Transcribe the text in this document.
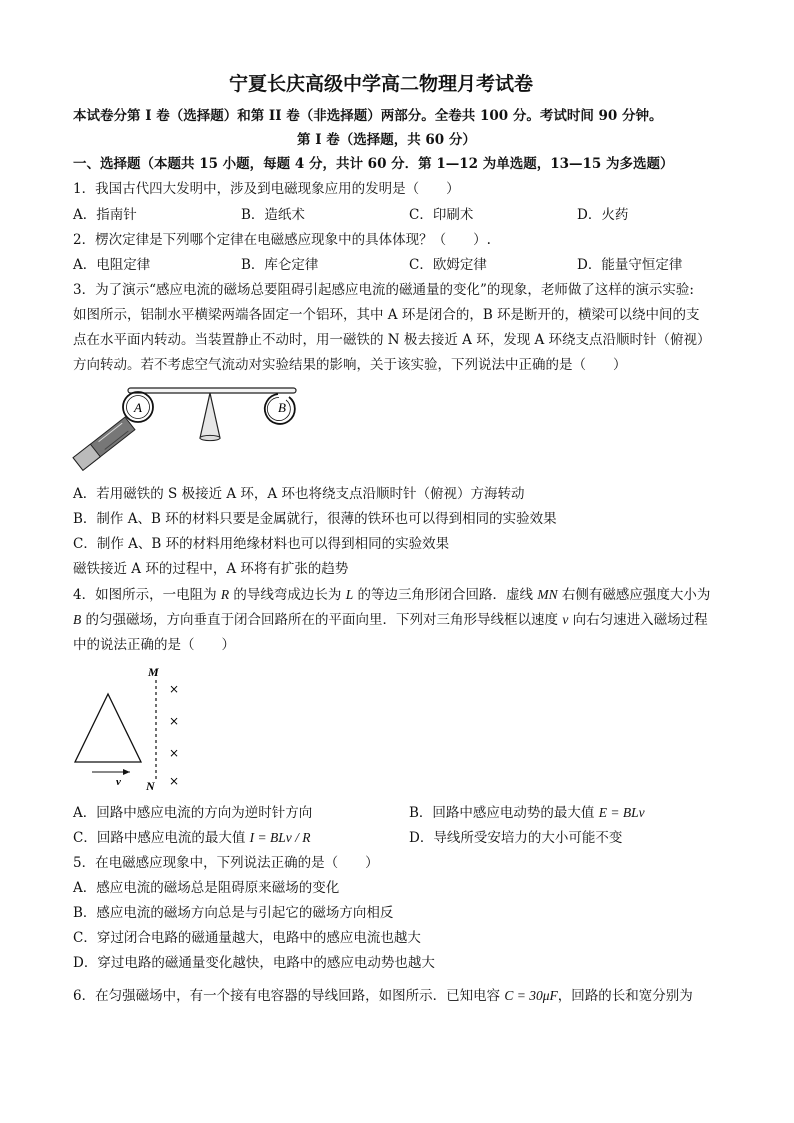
宁夏长庆高级中学高二物理月考试卷
本试卷分第 I 卷（选择题）和第 II 卷（非选择题）两部分。全卷共 100 分。考试时间 90 分钟。
第 I 卷（选择题，共 60 分）
一、选择题（本题共 15 小题，每题 4 分，共计 60 分．第 1—12 为单选题，13—15 为多选题）
1．我国古代四大发明中，涉及到电磁现象应用的发明是（　　）
A．指南针	B．造纸术	C．印刷术	D．火药
2．楞次定律是下列哪个定律在电磁感应现象中的具体体现？（　　）.
A．电阻定律	B．库仑定律	C．欧姆定律	D．能量守恒定律
3．为了演示“感应电流的磁场总要阻碍引起感应电流的磁通量的变化”的现象，老师做了这样的演示实验:
如图所示，铝制水平横梁两端各固定一个铝环，其中 A 环是闭合的，B 环是断开的，横梁可以绕中间的支
点在水平面内转动。当装置静止不动时，用一磁铁的 N 极去接近 A 环，发现 A 环绕支点沿顺时针（俯视）
方向转动。若不考虑空气流动对实验结果的影响，关于该实验，下列说法中正确的是（　　）
A	B
A．若用磁铁的 S 极接近 A 环，A 环也将绕支点沿顺时针（俯视）方海转动
B．制作 A、B 环的材料只要是金属就行，很薄的铁环也可以得到相同的实验效果
C．制作 A、B 环的材料用绝缘材料也可以得到相同的实验效果
磁铁接近 A 环的过程中，A 环将有扩张的趋势
4．如图所示，一电阻为 R 的导线弯成边长为 L 的等边三角形闭合回路．虚线 MN 右侧有磁感应强度大小为
B 的匀强磁场，方向垂直于闭合回路所在的平面向里．下列对三角形导线框以速度 v 向右匀速进入磁场过程
中的说法正确的是（　　）
M
N
×
×
×
×
v
A．回路中感应电流的方向为逆时针方向	B．回路中感应电动势的最大值 E = BLv
C．回路中感应电流的最大值 I = BLv / R	D．导线所受安培力的大小可能不变
5．在电磁感应现象中，下列说法正确的是（　　）
A．感应电流的磁场总是阻碍原来磁场的变化
B．感应电流的磁场方向总是与引起它的磁场方向相反
C．穿过闭合电路的磁通量越大，电路中的感应电流也越大
D．穿过电路的磁通量变化越快，电路中的感应电动势也越大
6．在匀强磁场中，有一个接有电容器的导线回路，如图所示．已知电容 C = 30μF，回路的长和宽分别为
